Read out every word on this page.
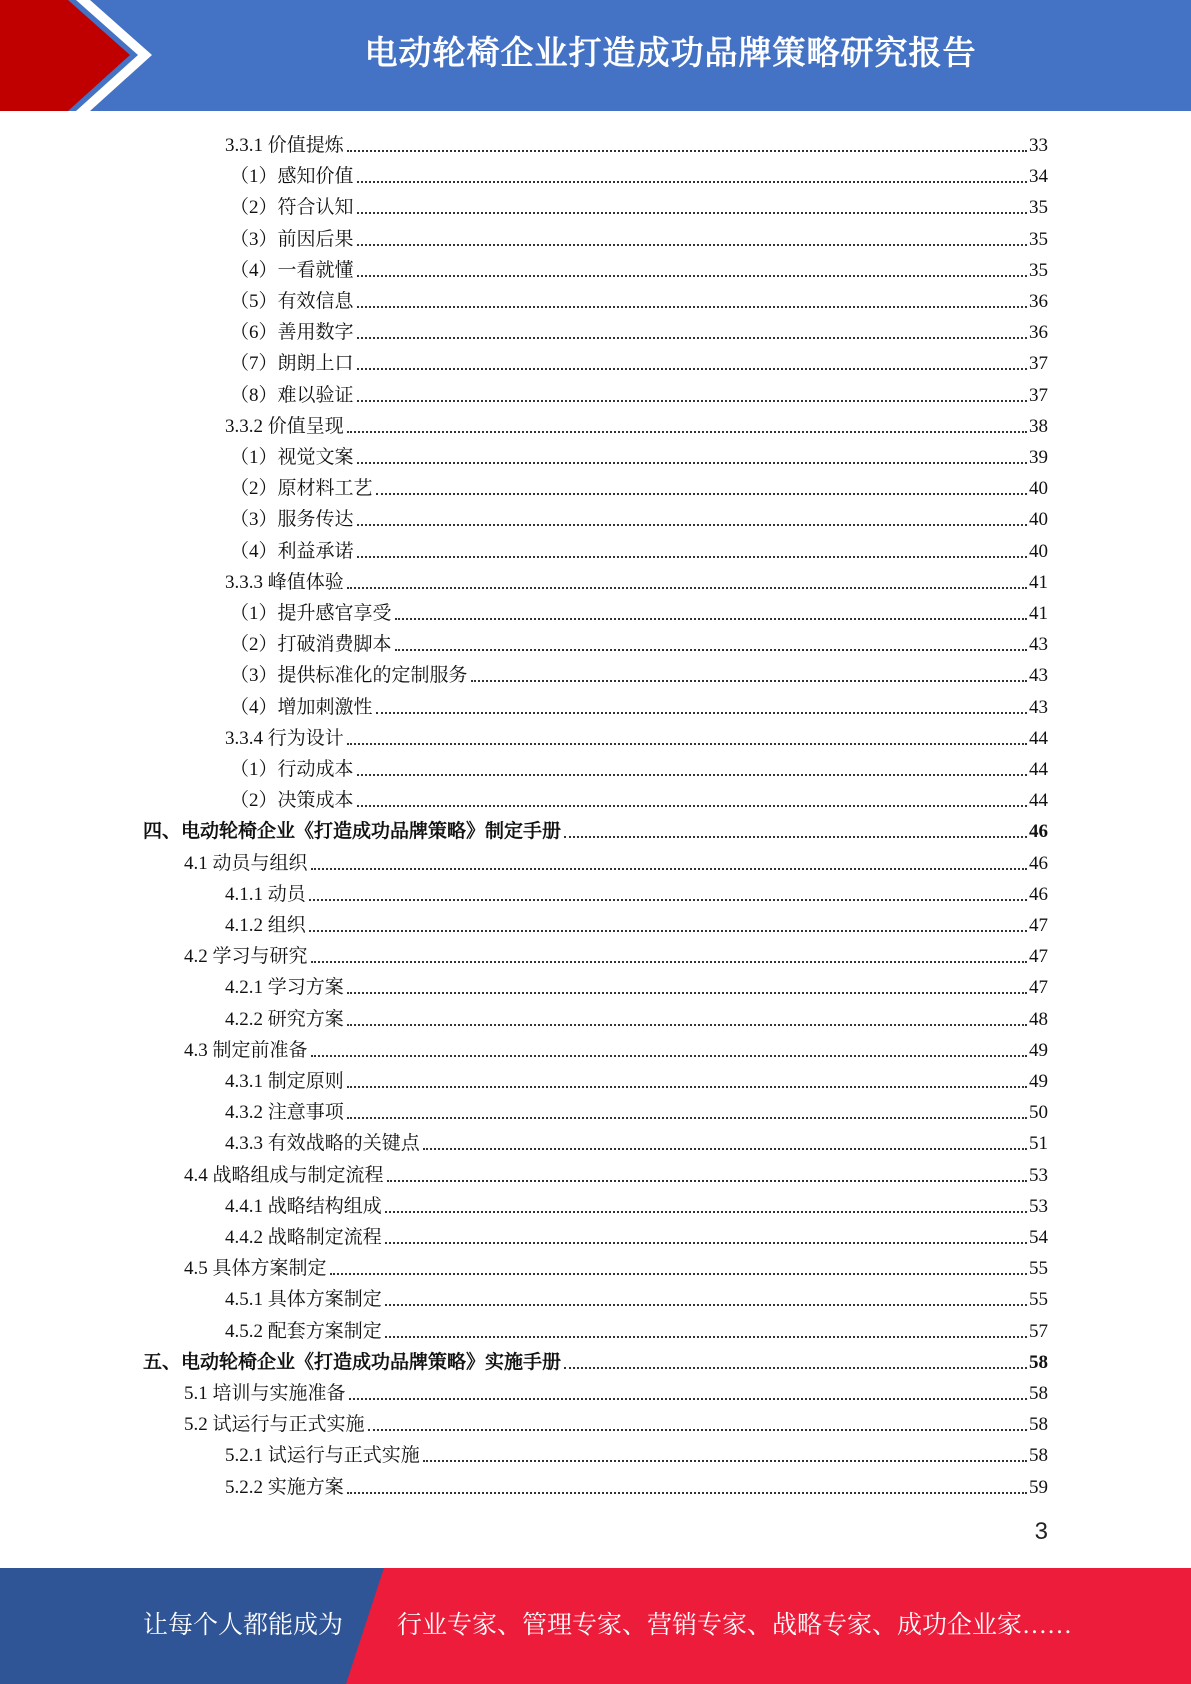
电动轮椅企业打造成功品牌策略研究报告
3.3.1 价值提炼	33
（1）感知价值	34
（2）符合认知	35
（3）前因后果	35
（4）一看就懂	35
（5）有效信息	36
（6）善用数字	36
（7）朗朗上口	37
（8）难以验证	37
3.3.2 价值呈现	38
（1）视觉文案	39
（2）原材料工艺	40
（3）服务传达	40
（4）利益承诺	40
3.3.3 峰值体验	41
（1）提升感官享受	41
（2）打破消费脚本	43
（3）提供标准化的定制服务	43
（4）增加刺激性	43
3.3.4 行为设计	44
（1）行动成本	44
（2）决策成本	44
四、电动轮椅企业《打造成功品牌策略》制定手册	46
4.1 动员与组织	46
4.1.1 动员	46
4.1.2 组织	47
4.2 学习与研究	47
4.2.1 学习方案	47
4.2.2 研究方案	48
4.3 制定前准备	49
4.3.1 制定原则	49
4.3.2 注意事项	50
4.3.3 有效战略的关键点	51
4.4 战略组成与制定流程	53
4.4.1 战略结构组成	53
4.4.2 战略制定流程	54
4.5 具体方案制定	55
4.5.1 具体方案制定	55
4.5.2 配套方案制定	57
五、电动轮椅企业《打造成功品牌策略》实施手册	58
5.1 培训与实施准备	58
5.2 试运行与正式实施	58
5.2.1 试运行与正式实施	58
5.2.2 实施方案	59
3
让每个人都能成为 行业专家、管理专家、营销专家、战略专家、成功企业家……
